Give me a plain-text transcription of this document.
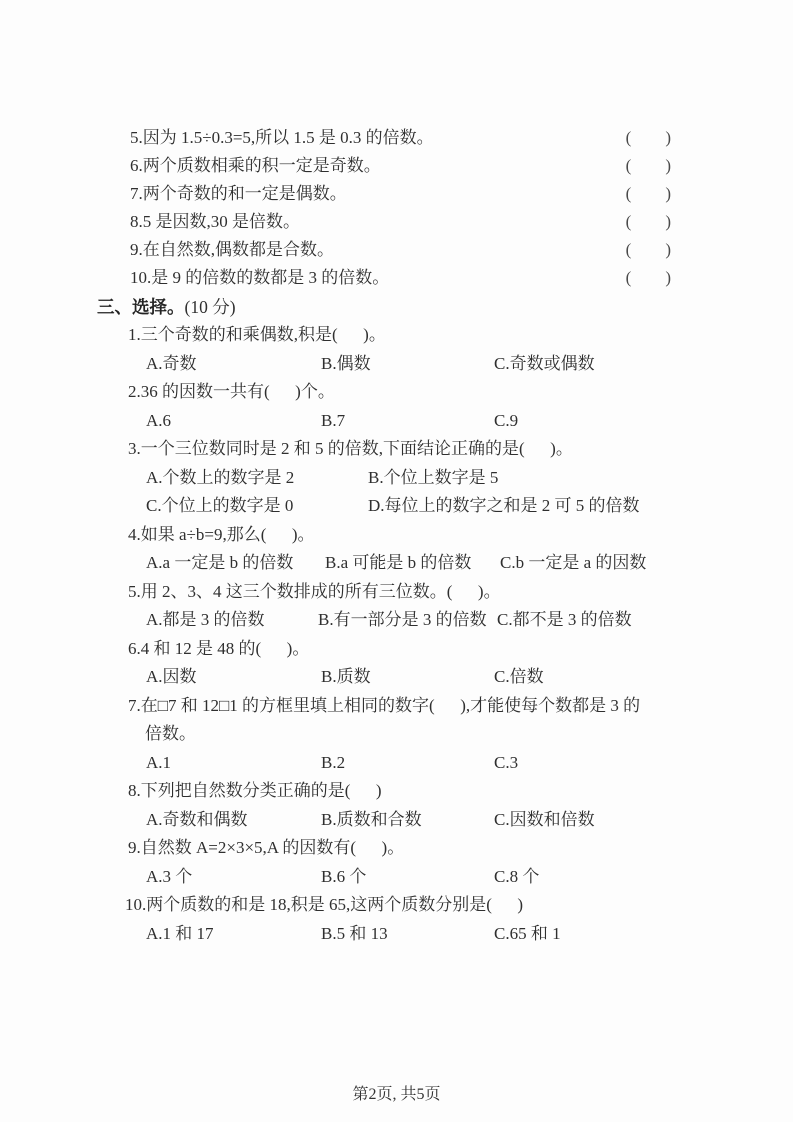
5.因为 1.5÷0.3=5,所以 1.5 是 0.3 的倍数。	(        )
6.两个质数相乘的积一定是奇数。	(        )
7.两个奇数的和一定是偶数。	(        )
8.5 是因数,30 是倍数。	(        )
9.在自然数,偶数都是合数。	(        )
10.是 9 的倍数的数都是 3 的倍数。	(        )
三、选择。(10 分)
1.三个奇数的和乘偶数,积是(      )。

A.奇数

	B.偶数

	C.奇数或偶数

2.36 的因数一共有(      )个。

A.6

	B.7

	C.9

3.一个三位数同时是 2 和 5 的倍数,下面结论正确的是(      )。

A.个数上的数字是 2

	B.个位上数字是 5

C.个位上的数字是 0

	D.每位上的数字之和是 2 可 5 的倍数

4.如果 a÷b=9,那么(      )。

A.a 一定是 b 的倍数

B.a 可能是 b 的倍数

C.b 一定是 a 的因数

5.用 2、3、4 这三个数排成的所有三位数。(      )。

A.都是 3 的倍数

	B.有一部分是 3 的倍数

C.都不是 3 的倍数

6.4 和 12 是 48 的(      )。

A.因数

	B.质数

	C.倍数

7.在□7 和 12□1 的方框里填上相同的数字(      ),才能使每个数都是 3 的
倍数。

A.1

	B.2

	C.3

8.下列把自然数分类正确的是(      )

A.奇数和偶数

	B.质数和合数

	C.因数和倍数

9.自然数 A=2×3×5,A 的因数有(      )。

A.3 个

	B.6 个

	C.8 个

10.两个质数的和是 18,积是 65,这两个质数分别是(      )

A.1 和 17

	B.5 和 13

	C.65 和 1

第2页, 共5页
